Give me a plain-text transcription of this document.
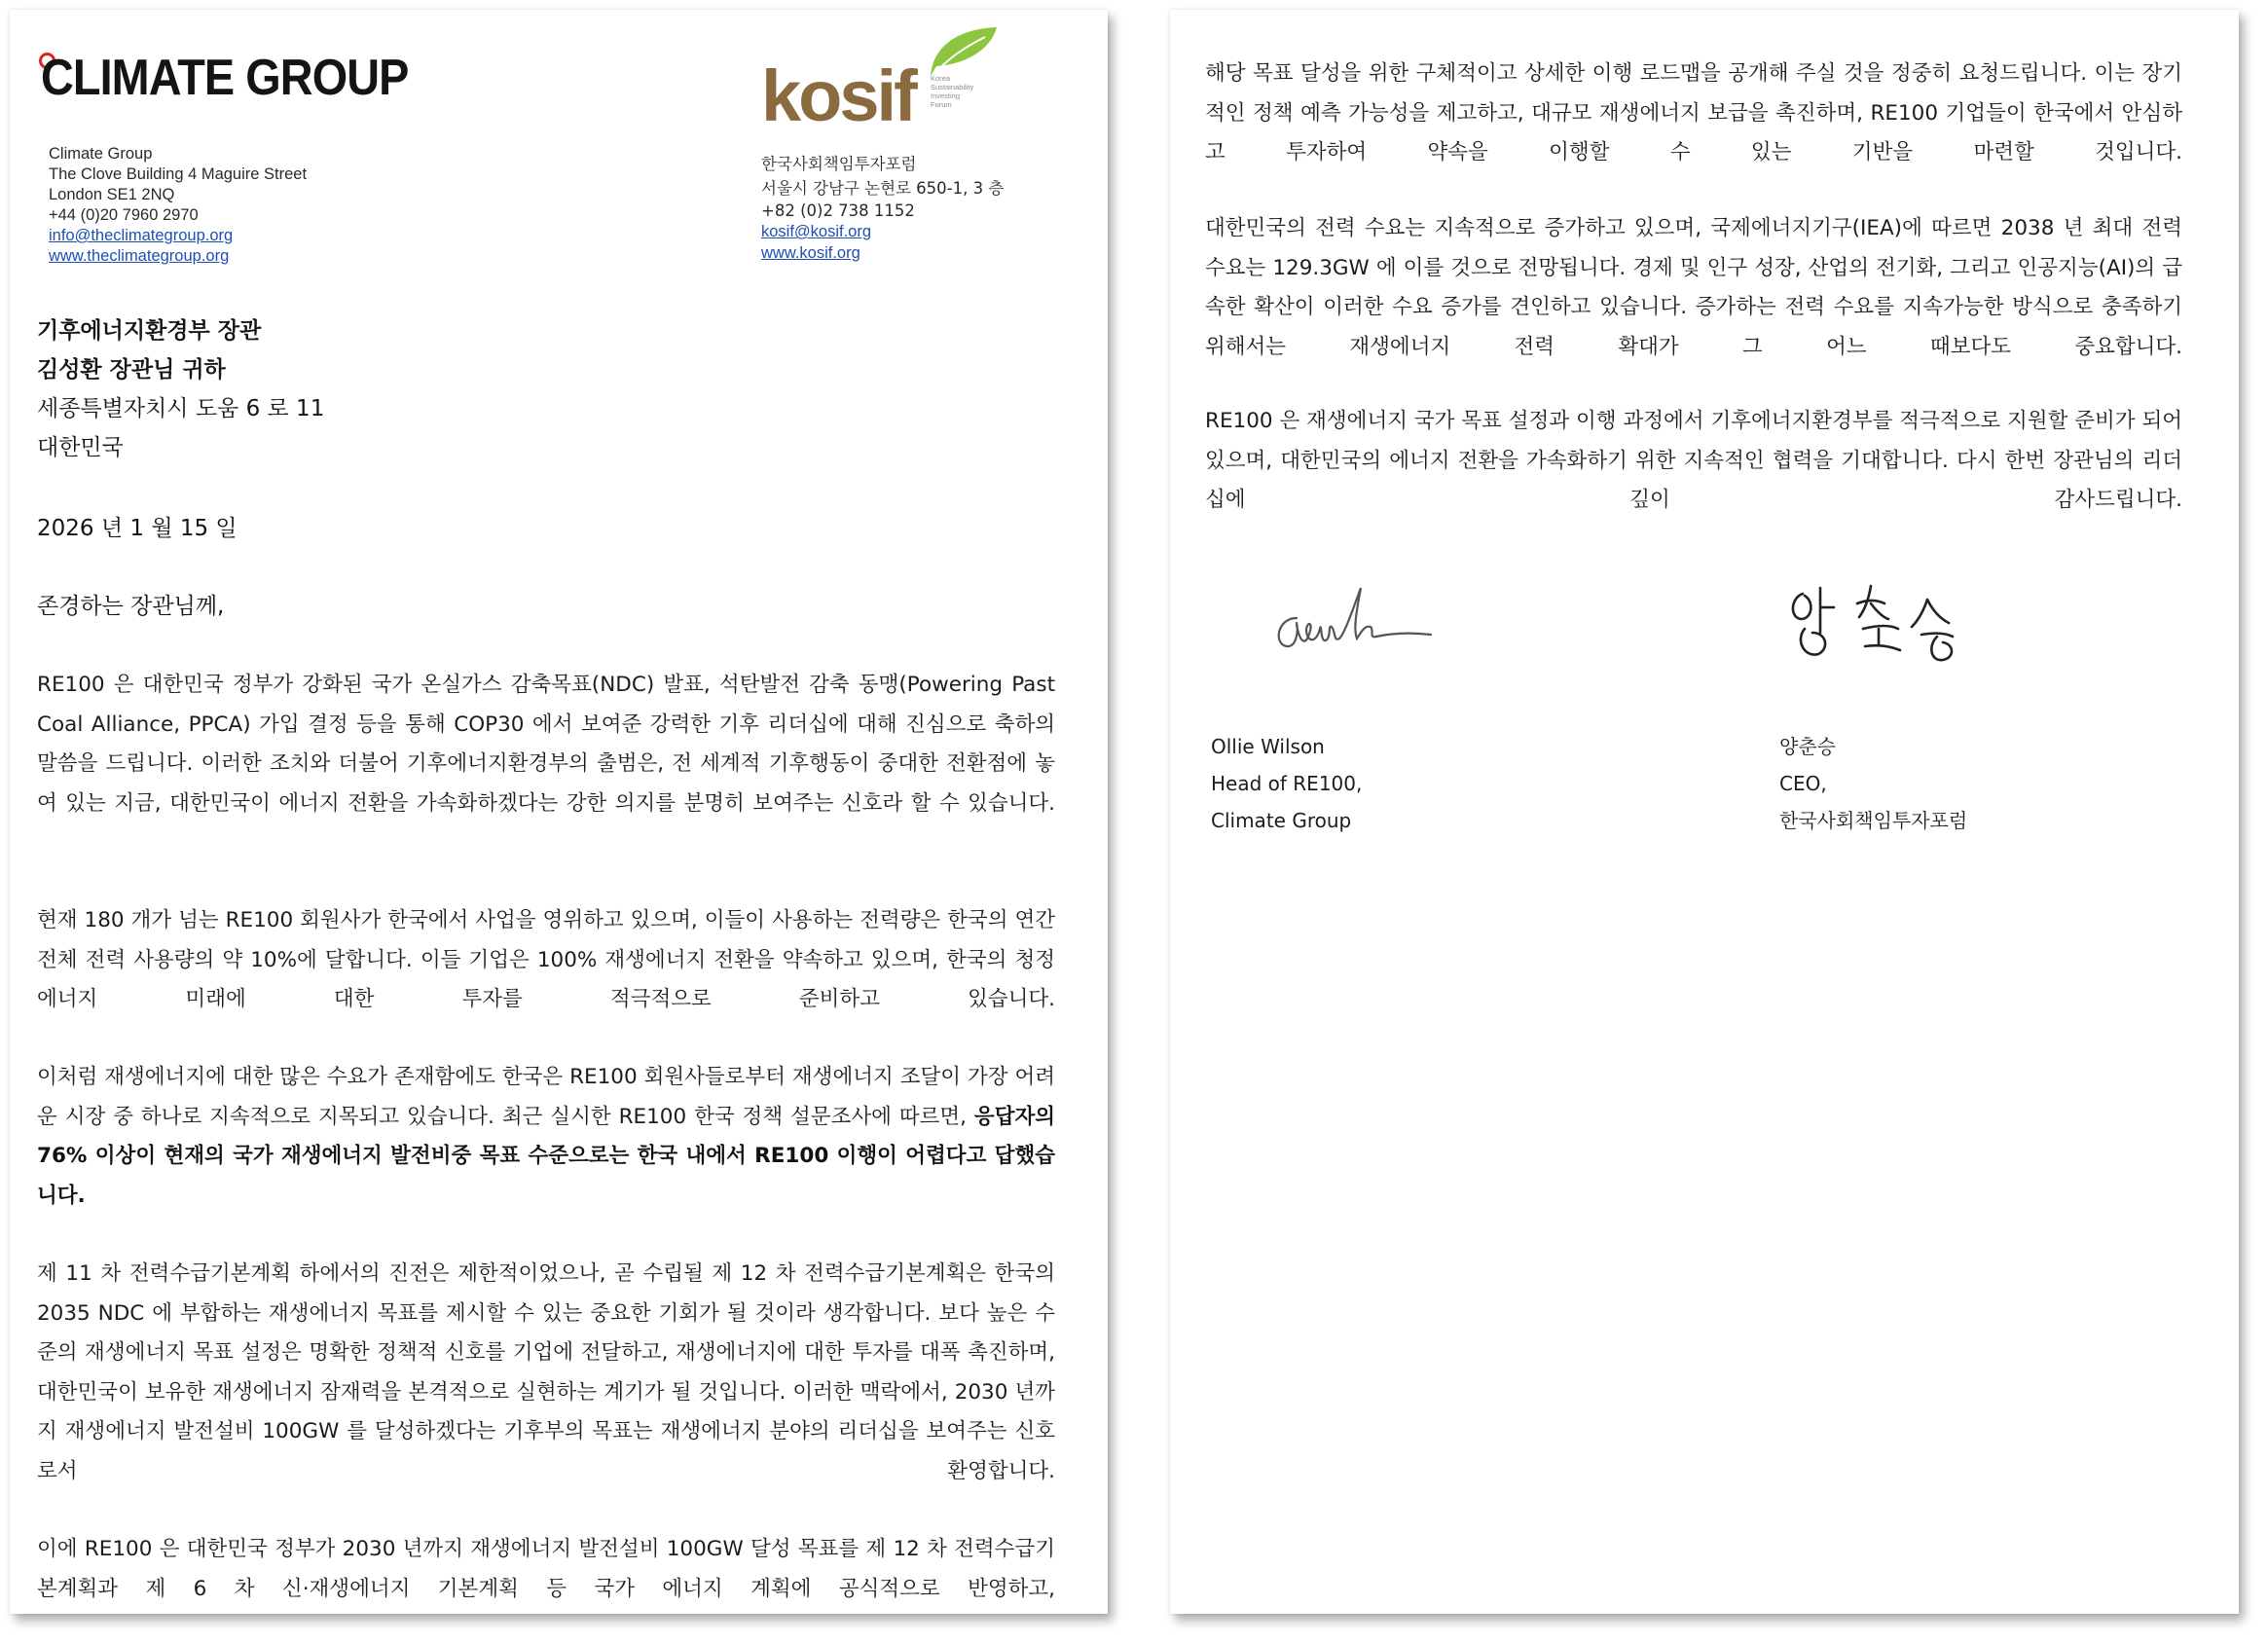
CLIMATE GROUP
Climate Group
The Clove Building 4 Maguire Street
London SE1 2NQ
+44 (0)20 7960 2970
info@theclimategroup.org
www.theclimategroup.org
kosif Korea
Sustainability
Investing
Forum
한국사회책임투자포럼
서울시 강남구 논현로 650-1, 3 층
+82 (0)2 738 1152
kosif@kosif.org
www.kosif.org
기후에너지환경부 장관
김성환 장관님 귀하
세종특별자치시 도움 6 로 11
대한민국
2026 년 1 월 15 일
존경하는 장관님께,

RE100 은 대한민국 정부가 강화된 국가 온실가스 감축목표(NDC) 발표, 석탄발전 감축 동맹(Powering Past Coal Alliance, PPCA) 가입 결정 등을 통해 COP30 에서 보여준 강력한 기후 리더십에 대해 진심으로 축하의 말씀을 드립니다. 이러한 조치와 더불어 기후에너지환경부의 출범은, 전 세계적 기후행동이 중대한 전환점에 놓여 있는 지금, 대한민국이 에너지 전환을 가속화하겠다는 강한 의지를 분명히 보여주는 신호라 할 수 있습니다.

현재 180 개가 넘는 RE100 회원사가 한국에서 사업을 영위하고 있으며, 이들이 사용하는 전력량은 한국의 연간 전체 전력 사용량의 약 10%에 달합니다. 이들 기업은 100% 재생에너지 전환을 약속하고 있으며, 한국의 청정에너지 미래에 대한 투자를 적극적으로 준비하고 있습니다.

이처럼 재생에너지에 대한 많은 수요가 존재함에도 한국은 RE100 회원사들로부터 재생에너지 조달이 가장 어려운 시장 중 하나로 지속적으로 지목되고 있습니다. 최근 실시한 RE100 한국 정책 설문조사에 따르면, 응답자의 76% 이상이 현재의 국가 재생에너지 발전비중 목표 수준으로는 한국 내에서 RE100 이행이 어렵다고 답했습니다.

제 11 차 전력수급기본계획 하에서의 진전은 제한적이었으나, 곧 수립될 제 12 차 전력수급기본계획은 한국의 2035 NDC 에 부합하는 재생에너지 목표를 제시할 수 있는 중요한 기회가 될 것이라 생각합니다. 보다 높은 수준의 재생에너지 목표 설정은 명확한 정책적 신호를 기업에 전달하고, 재생에너지에 대한 투자를 대폭 촉진하며, 대한민국이 보유한 재생에너지 잠재력을 본격적으로 실현하는 계기가 될 것입니다. 이러한 맥락에서, 2030 년까지 재생에너지 발전설비 100GW 를 달성하겠다는 기후부의 목표는 재생에너지 분야의 리더십을 보여주는 신호로서 환영합니다.

이에 RE100 은 대한민국 정부가 2030 년까지 재생에너지 발전설비 100GW 달성 목표를 제 12 차 전력수급기본계획과 제 6 차 신·재생에너지 기본계획 등 국가 에너지 계획에 공식적으로 반영하고,

해당 목표 달성을 위한 구체적이고 상세한 이행 로드맵을 공개해 주실 것을 정중히 요청드립니다. 이는 장기적인 정책 예측 가능성을 제고하고, 대규모 재생에너지 보급을 촉진하며, RE100 기업들이 한국에서 안심하고 투자하여 약속을 이행할 수 있는 기반을 마련할 것입니다.

대한민국의 전력 수요는 지속적으로 증가하고 있으며, 국제에너지기구(IEA)에 따르면 2038 년 최대 전력 수요는 129.3GW 에 이를 것으로 전망됩니다. 경제 및 인구 성장, 산업의 전기화, 그리고 인공지능(AI)의 급속한 확산이 이러한 수요 증가를 견인하고 있습니다. 증가하는 전력 수요를 지속가능한 방식으로 충족하기 위해서는 재생에너지 전력 확대가 그 어느 때보다도 중요합니다.

RE100 은 재생에너지 국가 목표 설정과 이행 과정에서 기후에너지환경부를 적극적으로 지원할 준비가 되어 있으며, 대한민국의 에너지 전환을 가속화하기 위한 지속적인 협력을 기대합니다. 다시 한번 장관님의 리더십에 깊이 감사드립니다.

Ollie Wilson
Head of RE100,
Climate Group
양춘승
CEO,
한국사회책임투자포럼
